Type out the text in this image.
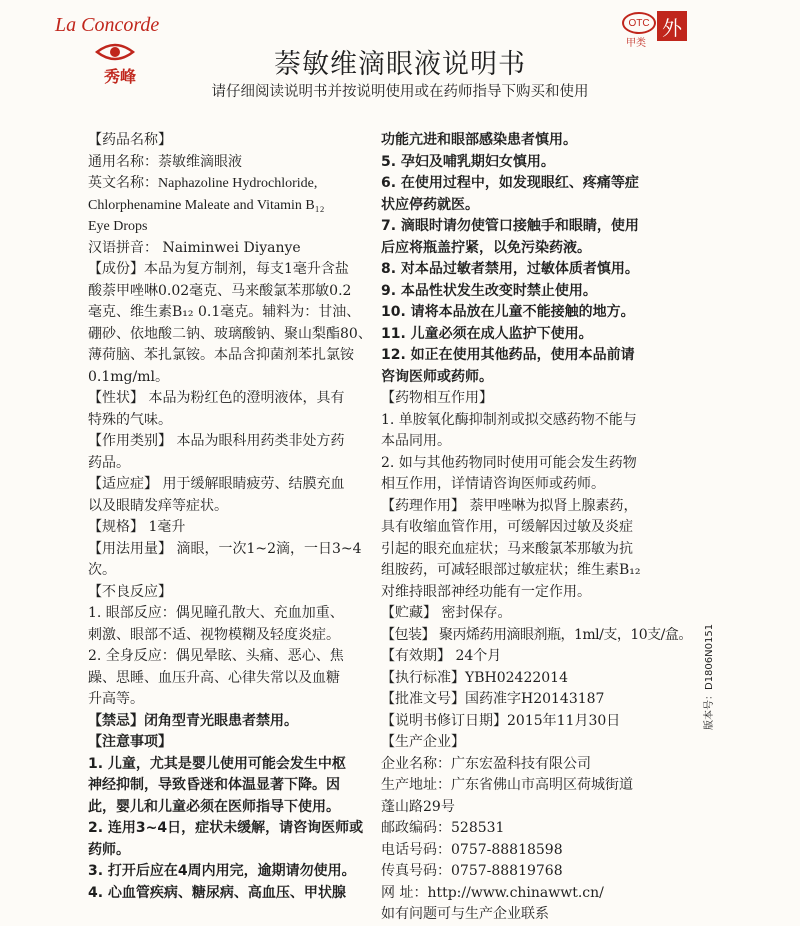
La Concorde
秀峰
OTC
甲类
外
萘敏维滴眼液说明书
请仔细阅读说明书并按说明使用或在药师指导下购买和使用
【药品名称】
通用名称：萘敏维滴眼液
英文名称：Naphazoline Hydrochloride,
Chlorphenamine Maleate and Vitamin B₁₂
Eye Drops
汉语拼音： Naiminwei Diyanye
【成份】本品为复方制剂，每支1毫升含盐
酸萘甲唑啉0.02毫克、马来酸氯苯那敏0.2
毫克、维生素B₁₂ 0.1毫克。辅料为：甘油、
硼砂、依地酸二钠、玻璃酸钠、聚山梨酯80、
薄荷脑、苯扎氯铵。本品含抑菌剂苯扎氯铵
0.1mg/ml。
【性状】 本品为粉红色的澄明液体，具有
特殊的气味。
【作用类别】 本品为眼科用药类非处方药
药品。
【适应症】 用于缓解眼睛疲劳、结膜充血
以及眼睛发痒等症状。
【规格】 1毫升
【用法用量】 滴眼，一次1~2滴，一日3~4
次。
【不良反应】
1. 眼部反应：偶见瞳孔散大、充血加重、
刺激、眼部不适、视物模糊及轻度炎症。
2. 全身反应：偶见晕眩、头痛、恶心、焦
躁、思睡、血压升高、心律失常以及血糖
升高等。
【禁忌】闭角型青光眼患者禁用。
【注意事项】
1. 儿童，尤其是婴儿使用可能会发生中枢
神经抑制，导致昏迷和体温显著下降。因
此，婴儿和儿童必须在医师指导下使用。
2. 连用3~4日，症状未缓解，请咨询医师或
药师。
3. 打开后应在4周内用完，逾期请勿使用。
4. 心血管疾病、糖尿病、高血压、甲状腺
功能亢进和眼部感染患者慎用。
5. 孕妇及哺乳期妇女慎用。
6. 在使用过程中，如发现眼红、疼痛等症
状应停药就医。
7. 滴眼时请勿使管口接触手和眼睛，使用
后应将瓶盖拧紧，以免污染药液。
8. 对本品过敏者禁用，过敏体质者慎用。
9. 本品性状发生改变时禁止使用。
10. 请将本品放在儿童不能接触的地方。
11. 儿童必须在成人监护下使用。
12. 如正在使用其他药品，使用本品前请
咨询医师或药师。
【药物相互作用】
1. 单胺氧化酶抑制剂或拟交感药物不能与
本品同用。
2. 如与其他药物同时使用可能会发生药物
相互作用，详情请咨询医师或药师。
【药理作用】 萘甲唑啉为拟肾上腺素药，
具有收缩血管作用，可缓解因过敏及炎症
引起的眼充血症状；马来酸氯苯那敏为抗
组胺药，可减轻眼部过敏症状；维生素B₁₂
对维持眼部神经功能有一定作用。
【贮藏】 密封保存。
【包装】 聚丙烯药用滴眼剂瓶，1ml/支，10支/盒。
【有效期】 24个月
【执行标准】YBH02422014
【批准文号】国药准字H20143187
【说明书修订日期】2015年11月30日
【生产企业】
企业名称：广东宏盈科技有限公司
生产地址：广东省佛山市高明区荷城街道
蓬山路29号
邮政编码：528531
电话号码：0757-88818598
传真号码：0757-88819768
网 址：http://www.chinawwt.cn/
如有问题可与生产企业联系
版本号：D1806N0151
